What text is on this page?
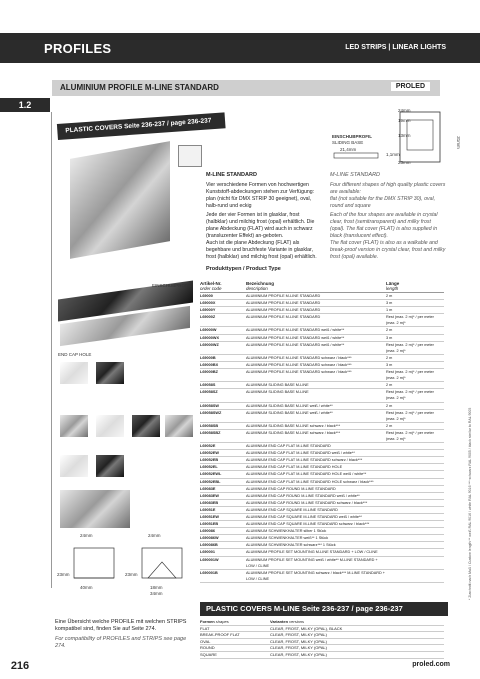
PROFILES	LED STRIPS | LINEAR LIGHTS
ALUMINIUM PROFILE M-LINE STANDARD	PROLED
1.2
PLASTIC COVERS Seite 236-237 / page 236-237
24mm
19mm
13mm
23mm
31mm
EINSCHUBPROFIL
SLIDING BASE
21,4mm
1,1mm
M-LINE STANDARD	M-LINE STANDARD
Vier verschiedene Formen von hochwertigen Kunststoff-abdeckungen stehen zur Verfügung:
plan (nicht für DMX STRIP 30 geeignet), oval, halb-rund und eckig
Jede der vier Formen ist in glasklar, frost (halbklar) und milchig frost (opal) erhältlich. Die plane Abdeckung (FLAT) wird auch in schwarz (transluzenter Effekt) an-geboten.
Auch ist die plane Abdeckung (FLAT) als begehbare und bruchfeste Variante in glasklar, frost (halbklar) und milchig frost (opal) erhältlich.
Four different shapes of high quality plastic covers are available:
flat (not suitable for the DMX STRIP 30), oval, round and square
Each of the four shapes are available in crystal clear, frost (semitransparent) and milky frost (opal). The flat cover (FLAT) is also supplied in black (translucent effect).
The flat cover (FLAT) is also as a walkable and break-proof version in crystal clear, frost and milky frost (opal) available.
Produkttypen / Product Type
EINSCHUBPROFIL
END CAP HOLE
24mm	24mm
23mm	23mm
40mm	18mm
34mm
Artikel-Nr.
order code
Bezeichnung
description
Länge
length
L69000	ALUMINIUM PROFILE M-LINE STANDARD	2 m
L69000X	ALUMINIUM PROFILE M-LINE STANDARD	3 m
L69000Y	ALUMINIUM PROFILE M-LINE STANDARD	1 m
L69000Z	ALUMINIUM PROFILE M-LINE STANDARD	Rest (max. 2 m)* / per meter (max. 2 m)*
L69000W	ALUMINIUM PROFILE M-LINE STANDARD weiß / white**	2 m
L69000WX	ALUMINIUM PROFILE M-LINE STANDARD weiß / white**	3 m
L69000WZ	ALUMINIUM PROFILE M-LINE STANDARD weiß / white**	Rest (max. 2 m)* / per meter (max. 2 m)*
L69000B	ALUMINIUM PROFILE M-LINE STANDARD schwarz / black***	2 m
L69000BX	ALUMINIUM PROFILE M-LINE STANDARD schwarz / black***	3 m
L69000BZ	ALUMINIUM PROFILE M-LINE STANDARD schwarz / black***	Rest (max. 2 m)* / per meter (max. 2 m)*
L69058S	ALUMINIUM SLIDING BASE M-LINE	2 m
L69058SZ	ALUMINIUM SLIDING BASE M-LINE	Rest (max. 2 m)* / per meter (max. 2 m)*
L69058SW	ALUMINIUM SLIDING BASE M-LINE weiß / white**	2 m
L69058SWZ	ALUMINIUM SLIDING BASE M-LINE weiß / white**	Rest (max. 2 m)* / per meter (max. 2 m)*
L69058SB	ALUMINIUM SLIDING BASE M-LINE schwarz / black***	2 m
L69058SBZ	ALUMINIUM SLIDING BASE M-LINE schwarz / black***	Rest (max. 2 m)* / per meter (max. 2 m)*
L69052E	ALUMINIUM END CAP FLAT M-LINE STANDARD
L69052EW	ALUMINIUM END CAP FLAT M-LINE STANDARD weiß / white**
L69052EB	ALUMINIUM END CAP FLAT M-LINE STANDARD schwarz / black***
L69052EL	ALUMINIUM END CAP FLAT M-LINE STANDARD HOLE
L69052EWL	ALUMINIUM END CAP FLAT M-LINE STANDARD HOLE weiß / white**
L69052EBL	ALUMINIUM END CAP FLAT M-LINE STANDARD HOLE schwarz / black***
L69083E	ALUMINIUM END CAP ROUND M-LINE STANDARD
L69083EW	ALUMINIUM END CAP ROUND M-LINE STANDARD weiß / white**
L69083EB	ALUMINIUM END CAP ROUND M-LINE STANDARD schwarz / black***
L69051E	ALUMINIUM END CAP SQUARE M-LINE STANDARD
L69051EW	ALUMINIUM END CAP SQUARE M-LINE STANDARD weiß / white**
L69051EB	ALUMINIUM END CAP SQUARE M-LINE STANDARD schwarz / black***
L690086	ALUMINIUM SCHWENKHALTER silber 1 Stück
L690086W	ALUMINIUM SCHWENKHALTER weiß** 1 Stück
L690086B	ALUMINIUM SCHWENKHALTER schwarz*** 1 Stück
L690001	ALUMINIUM PROFILE SET MOUNTING M-LINE STANDARD + LOW / CLINE
L690001W	ALUMINIUM PROFILE SET MOUNTING weiß / white** M-LINE STANDARD + LOW / CLINE
L690001B	ALUMINIUM PROFILE SET MOUNTING schwarz / black*** M-LINE STANDARD + LOW / CLINE
PLASTIC COVERS M-LINE Seite 236-237 / page 236-237
Formen shapes	Varianten versions
FLAT	CLEAR, FROST, MILKY (OPAL), BLACK
BREAK-PROOF FLAT	CLEAR, FROST, MILKY (OPAL)
OVAL	CLEAR, FROST, MILKY (OPAL)
ROUND	CLEAR, FROST, MILKY (OPAL)
SQUARE	CLEAR, FROST, MILKY (OPAL)
Eine Übersicht welche PROFILE mit welchen STRIPS kompatibel sind, finden Sie auf Seite 274.
For compatibility of PROFILES and STRIPS see page 274.
* Zuschnitt nach Maß / Custom length ** weiß RAL 9016 / white RAL 9016 *** schwarz RAL 9005 / black similar to RAL 9005
216	proled.com
